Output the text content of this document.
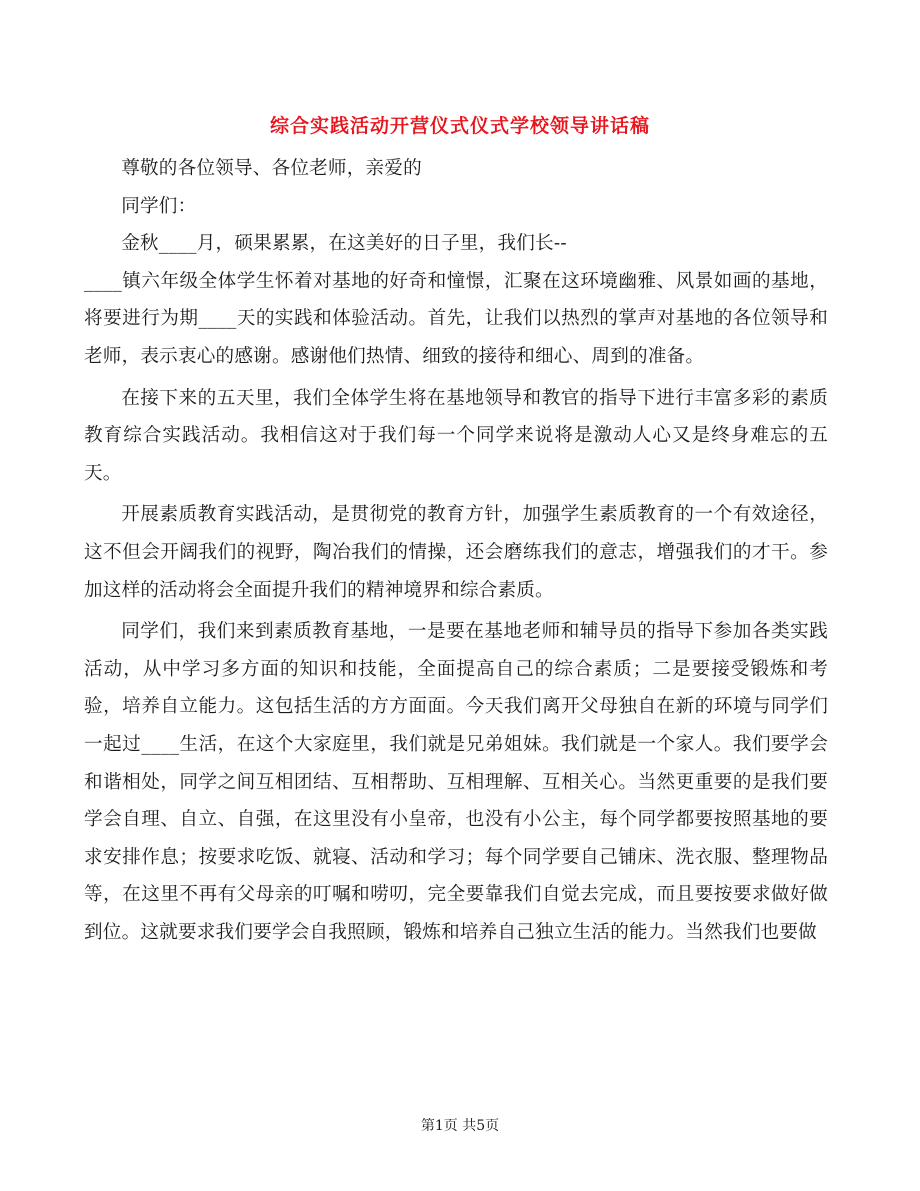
综合实践活动开营仪式仪式学校领导讲话稿

尊敬的各位领导、各位老师，亲爱的

同学们：

金秋____月，硕果累累，在这美好的日子里，我们长--

____镇六年级全体学生怀着对基地的好奇和憧憬，汇聚在这环境幽雅、风景如画的基地，将要进行为期____天的实践和体验活动。首先，让我们以热烈的掌声对基地的各位领导和老师，表示衷心的感谢。感谢他们热情、细致的接待和细心、周到的准备。

在接下来的五天里，我们全体学生将在基地领导和教官的指导下进行丰富多彩的素质教育综合实践活动。我相信这对于我们每一个同学来说将是激动人心又是终身难忘的五天。

开展素质教育实践活动，是贯彻党的教育方针，加强学生素质教育的一个有效途径，这不但会开阔我们的视野，陶冶我们的情操，还会磨练我们的意志，增强我们的才干。参加这样的活动将会全面提升我们的精神境界和综合素质。

同学们，我们来到素质教育基地，一是要在基地老师和辅导员的指导下参加各类实践活动，从中学习多方面的知识和技能，全面提高自己的综合素质；二是要接受锻炼和考验，培养自立能力。这包括生活的方方面面。今天我们离开父母独自在新的环境与同学们一起过____生活，在这个大家庭里，我们就是兄弟姐妹。我们就是一个家人。我们要学会和谐相处，同学之间互相团结、互相帮助、互相理解、互相关心。当然更重要的是我们要学会自理、自立、自强，在这里没有小皇帝，也没有小公主，每个同学都要按照基地的要求安排作息；按要求吃饭、就寝、活动和学习；每个同学要自己铺床、洗衣服、整理物品等，在这里不再有父母亲的叮嘱和唠叨，完全要靠我们自觉去完成，而且要按要求做好做到位。这就要求我们要学会自我照顾，锻炼和培养自己独立生活的能力。当然我们也要做

第1页 共5页
